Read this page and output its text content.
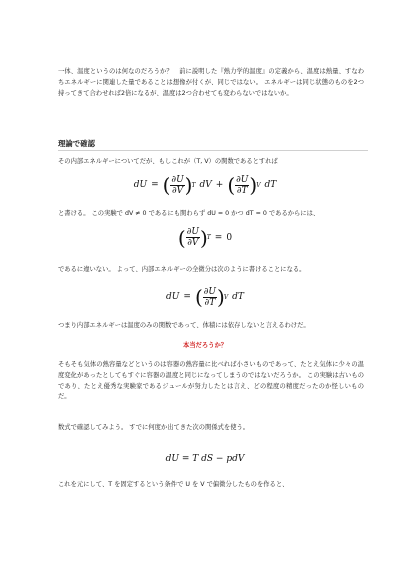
一体、温度というのは何なのだろうか？　前に説明した『熱力学的温度』の定義から、温度は熱量、すなわちエネルギーに関連した量であることは想像が付くが、同じではない。 エネルギーは同じ状態のものを2つ持ってきて合わせれば2倍になるが、温度は2つ合わせても変わらないではないか。

理論で確認

その内部エネルギーについてだが、もしこれが（T, V）の関数であるとすれば

dU = ( $\frac{\partial U}{\partial V}$ ) T dV + ( $\frac{\partial U}{\partial T}$ ) V dT

と書ける。 この実験で dV ≠ 0 であるにも関わらず dU = 0 かつ dT = 0 であるからには、

( $\frac{\partial U}{\partial V}$ ) T = 0

であるに違いない。 よって、内部エネルギーの全微分は次のように書けることになる。

dU = ( $\frac{\partial U}{\partial T}$ ) V dT

つまり内部エネルギーは温度のみの関数であって、体積には依存しないと言えるわけだ。

本当だろうか？

そもそも気体の熱容量などというのは容器の熱容量に比べれば小さいものであって、たとえ気体に少々の温度変化があったとしてもすぐに容器の温度と同じになってしまうのではないだろうか。 この実験は古いものであり、たとえ優秀な実験家であるジュールが努力したとは言え、どの程度の精度だったのか怪しいものだ。

数式で確認してみよう。 すでに何度か出てきた次の関係式を使う。

dU = T dS − pdV

これを元にして、T を固定するという条件で U を V で偏微分したものを作ると、
